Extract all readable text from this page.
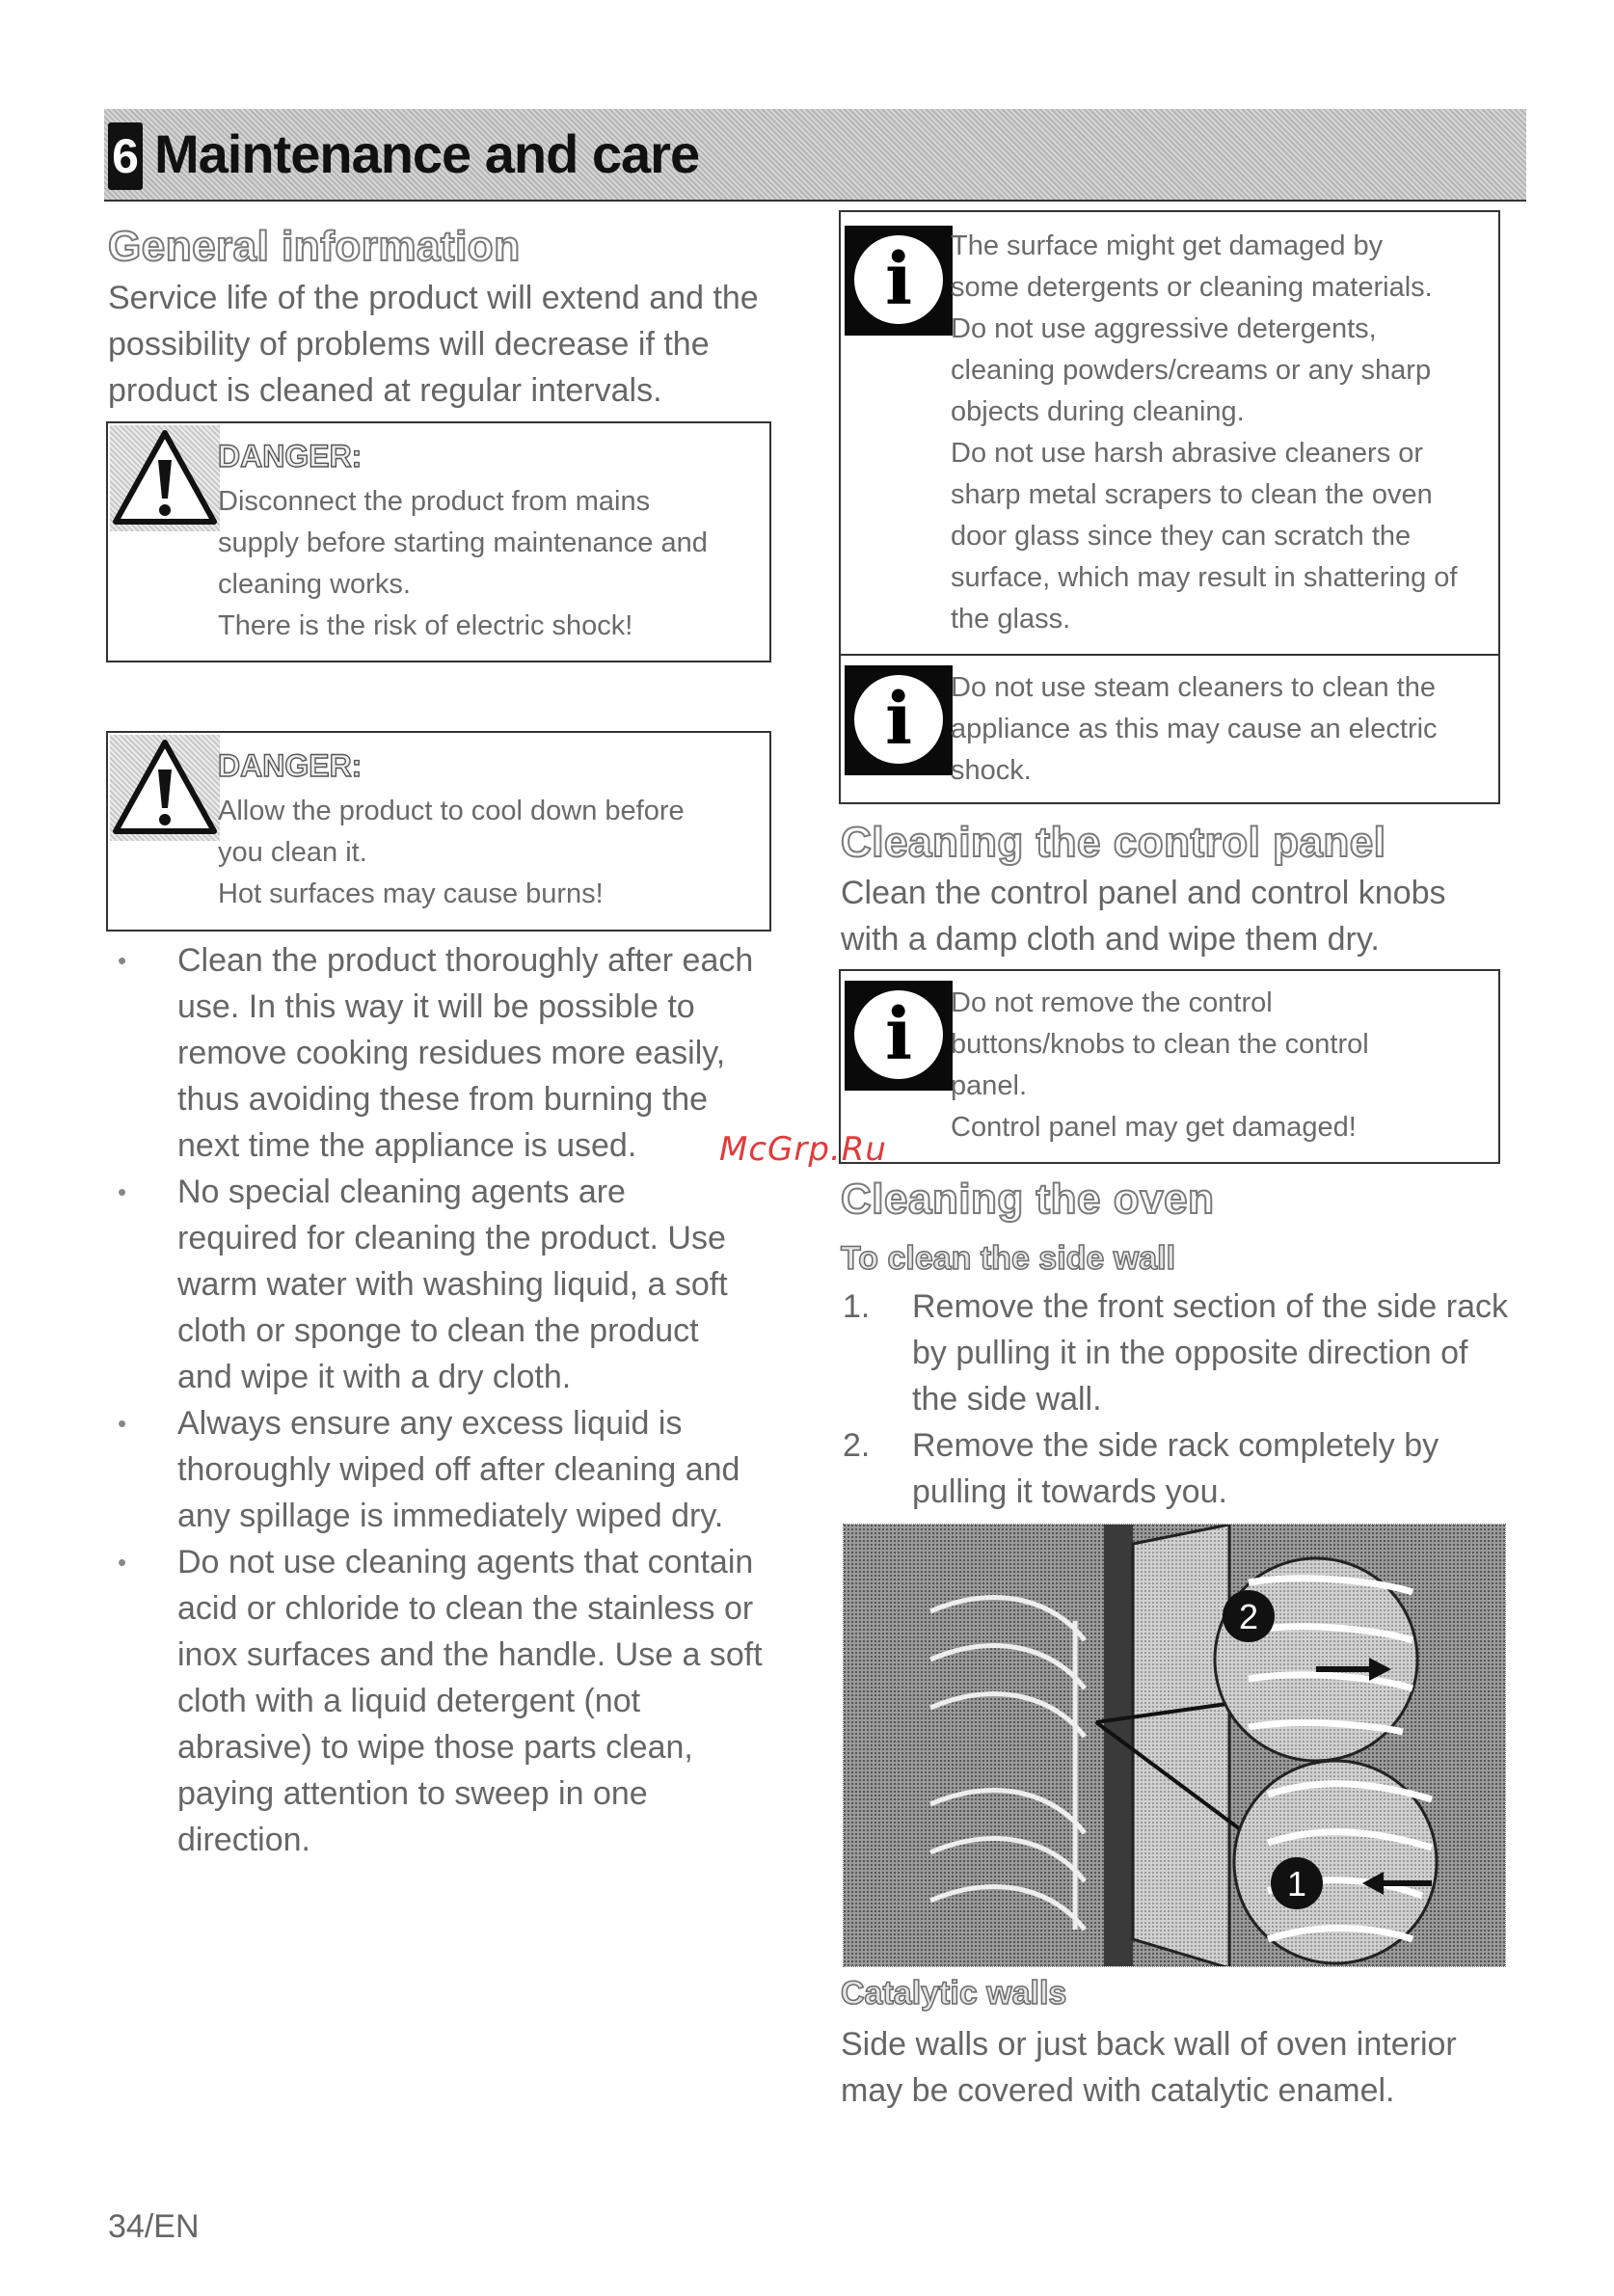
6 Maintenance and care
General information

Service life of the product will extend and the
possibility of problems will decrease if the
product is cleaned at regular intervals.

DANGER:

Disconnect the product from mains
supply before starting maintenance and
cleaning works.
There is the risk of electric shock!

DANGER:

Allow the product to cool down before
you clean it.
Hot surfaces may cause burns!

• Clean the product thoroughly after each
use. In this way it will be possible to
remove cooking residues more easily,
thus avoiding these from burning the
next time the appliance is used.
• No special cleaning agents are
required for cleaning the product. Use
warm water with washing liquid, a soft
cloth or sponge to clean the product
and wipe it with a dry cloth.
• Always ensure any excess liquid is
thoroughly wiped off after cleaning and
any spillage is immediately wiped dry.
• Do not use cleaning agents that contain
acid or chloride to clean the stainless or
inox surfaces and the handle. Use a soft
cloth with a liquid detergent (not
abrasive) to wipe those parts clean,
paying attention to sweep in one
direction.
i	The surface might get damaged by
some detergents or cleaning materials.
Do not use aggressive detergents,
cleaning powders/creams or any sharp
objects during cleaning.
Do not use harsh abrasive cleaners or
sharp metal scrapers to clean the oven
door glass since they can scratch the
surface, which may result in shattering of
the glass.

i	Do not use steam cleaners to clean the
appliance as this may cause an electric
shock.

Cleaning the control panel

Clean the control panel and control knobs
with a damp cloth and wipe them dry.

i	Do not remove the control
buttons/knobs to clean the control
panel.
Control panel may get damaged!

Cleaning the oven
To clean the side wall
1. Remove the front section of the side rack
by pulling it in the opposite direction of
the side wall.
2. Remove the side rack completely by
pulling it towards you.
2
1
Catalytic walls

Side walls or just back wall of oven interior
may be covered with catalytic enamel.

McGrp.Ru
34/EN
